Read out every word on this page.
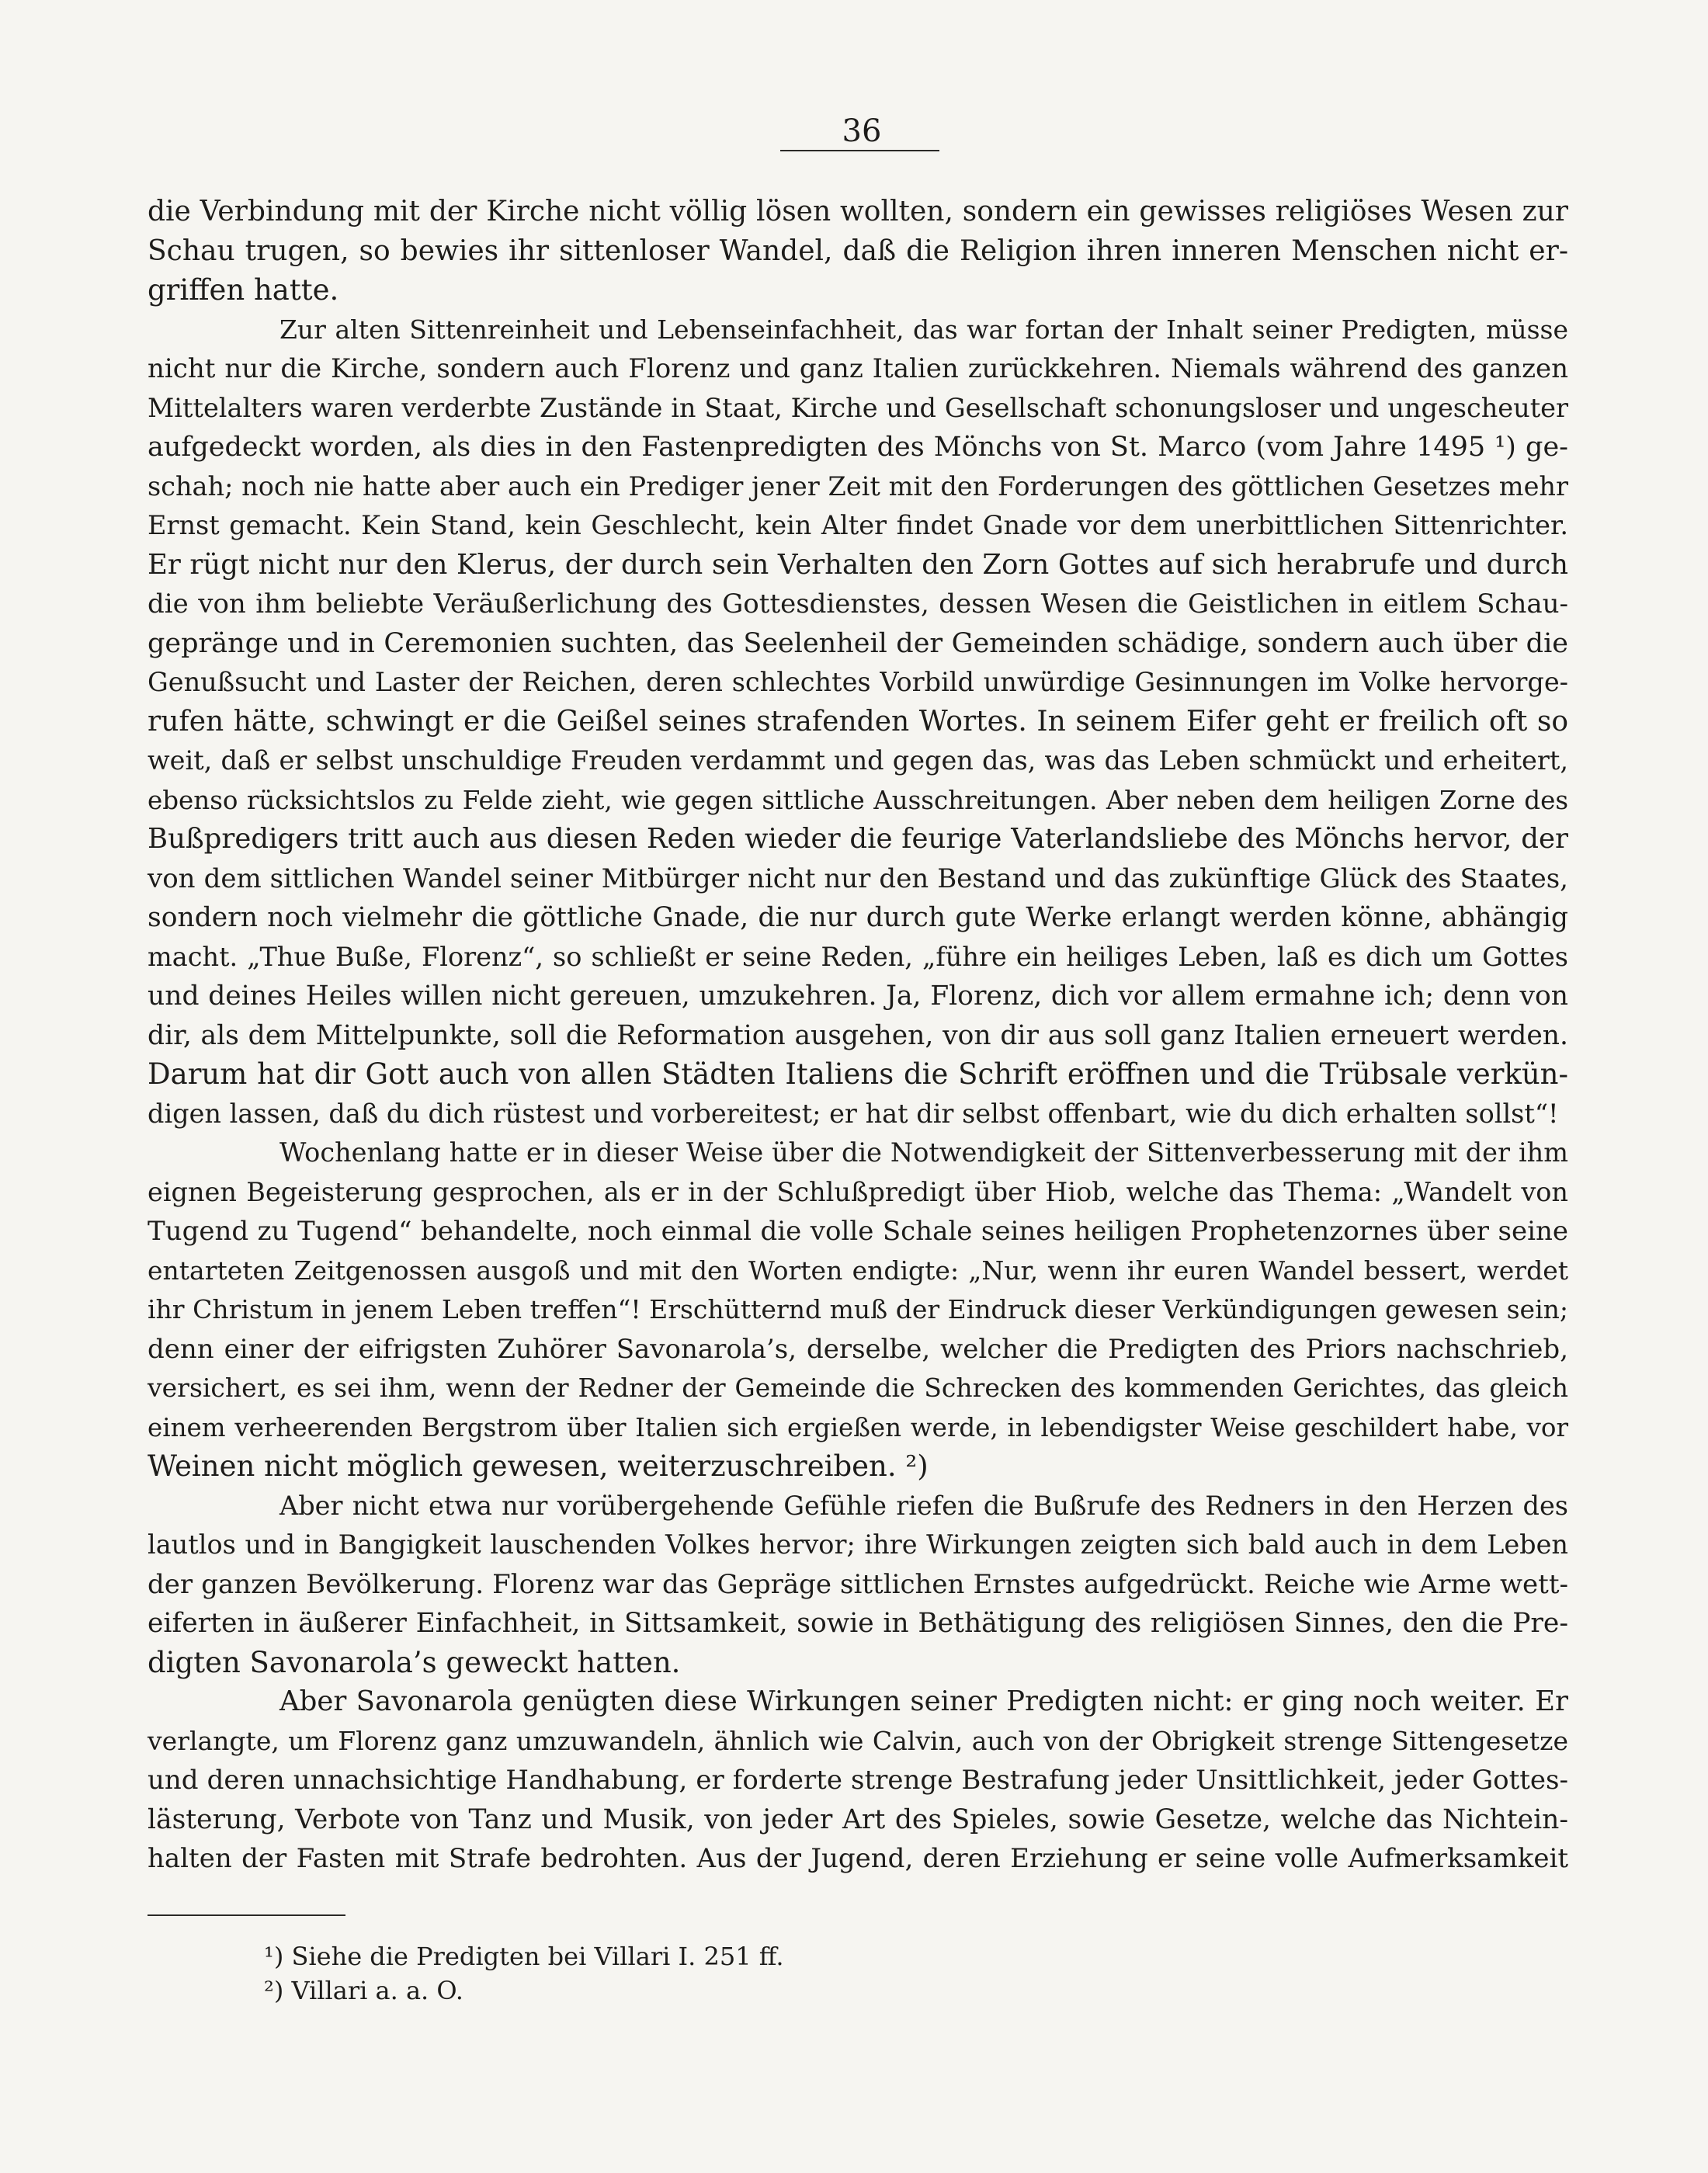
36
die Verbindung mit der Kirche nicht völlig lösen wollten, sondern ein gewisses religiöses Wesen zur
Schau trugen, so bewies ihr sittenloser Wandel, daß die Religion ihren inneren Menschen nicht er-
griffen hatte.
Zur alten Sittenreinheit und Lebenseinfachheit, das war fortan der Inhalt seiner Predigten, müsse
nicht nur die Kirche, sondern auch Florenz und ganz Italien zurückkehren. Niemals während des ganzen
Mittelalters waren verderbte Zustände in Staat, Kirche und Gesellschaft schonungsloser und ungescheuter
aufgedeckt worden, als dies in den Fastenpredigten des Mönchs von St. Marco (vom Jahre 1495 ¹) ge-
schah; noch nie hatte aber auch ein Prediger jener Zeit mit den Forderungen des göttlichen Gesetzes mehr
Ernst gemacht. Kein Stand, kein Geschlecht, kein Alter findet Gnade vor dem unerbittlichen Sittenrichter.
Er rügt nicht nur den Klerus, der durch sein Verhalten den Zorn Gottes auf sich herabrufe und durch
die von ihm beliebte Veräußerlichung des Gottesdienstes, dessen Wesen die Geistlichen in eitlem Schau-
gepränge und in Ceremonien suchten, das Seelenheil der Gemeinden schädige, sondern auch über die
Genußsucht und Laster der Reichen, deren schlechtes Vorbild unwürdige Gesinnungen im Volke hervorge-
rufen hätte, schwingt er die Geißel seines strafenden Wortes. In seinem Eifer geht er freilich oft so
weit, daß er selbst unschuldige Freuden verdammt und gegen das, was das Leben schmückt und erheitert,
ebenso rücksichtslos zu Felde zieht, wie gegen sittliche Ausschreitungen. Aber neben dem heiligen Zorne des
Bußpredigers tritt auch aus diesen Reden wieder die feurige Vaterlandsliebe des Mönchs hervor, der
von dem sittlichen Wandel seiner Mitbürger nicht nur den Bestand und das zukünftige Glück des Staates,
sondern noch vielmehr die göttliche Gnade, die nur durch gute Werke erlangt werden könne, abhängig
macht. „Thue Buße, Florenz“, so schließt er seine Reden, „führe ein heiliges Leben, laß es dich um Gottes
und deines Heiles willen nicht gereuen, umzukehren. Ja, Florenz, dich vor allem ermahne ich; denn von
dir, als dem Mittelpunkte, soll die Reformation ausgehen, von dir aus soll ganz Italien erneuert werden.
Darum hat dir Gott auch von allen Städten Italiens die Schrift eröffnen und die Trübsale verkün-
digen lassen, daß du dich rüstest und vorbereitest; er hat dir selbst offenbart, wie du dich erhalten sollst“!
Wochenlang hatte er in dieser Weise über die Notwendigkeit der Sittenverbesserung mit der ihm
eignen Begeisterung gesprochen, als er in der Schlußpredigt über Hiob, welche das Thema: „Wandelt von
Tugend zu Tugend“ behandelte, noch einmal die volle Schale seines heiligen Prophetenzornes über seine
entarteten Zeitgenossen ausgoß und mit den Worten endigte: „Nur, wenn ihr euren Wandel bessert, werdet
ihr Christum in jenem Leben treffen“! Erschütternd muß der Eindruck dieser Verkündigungen gewesen sein;
denn einer der eifrigsten Zuhörer Savonarola’s, derselbe, welcher die Predigten des Priors nachschrieb,
versichert, es sei ihm, wenn der Redner der Gemeinde die Schrecken des kommenden Gerichtes, das gleich
einem verheerenden Bergstrom über Italien sich ergießen werde, in lebendigster Weise geschildert habe, vor
Weinen nicht möglich gewesen, weiterzuschreiben. ²)
Aber nicht etwa nur vorübergehende Gefühle riefen die Bußrufe des Redners in den Herzen des
lautlos und in Bangigkeit lauschenden Volkes hervor; ihre Wirkungen zeigten sich bald auch in dem Leben
der ganzen Bevölkerung. Florenz war das Gepräge sittlichen Ernstes aufgedrückt. Reiche wie Arme wett-
eiferten in äußerer Einfachheit, in Sittsamkeit, sowie in Bethätigung des religiösen Sinnes, den die Pre-
digten Savonarola’s geweckt hatten.
Aber Savonarola genügten diese Wirkungen seiner Predigten nicht: er ging noch weiter. Er
verlangte, um Florenz ganz umzuwandeln, ähnlich wie Calvin, auch von der Obrigkeit strenge Sittengesetze
und deren unnachsichtige Handhabung, er forderte strenge Bestrafung jeder Unsittlichkeit, jeder Gottes-
lästerung, Verbote von Tanz und Musik, von jeder Art des Spieles, sowie Gesetze, welche das Nichtein-
halten der Fasten mit Strafe bedrohten. Aus der Jugend, deren Erziehung er seine volle Aufmerksamkeit
¹) Siehe die Predigten bei Villari I. 251 ff.
²) Villari a. a. O.
